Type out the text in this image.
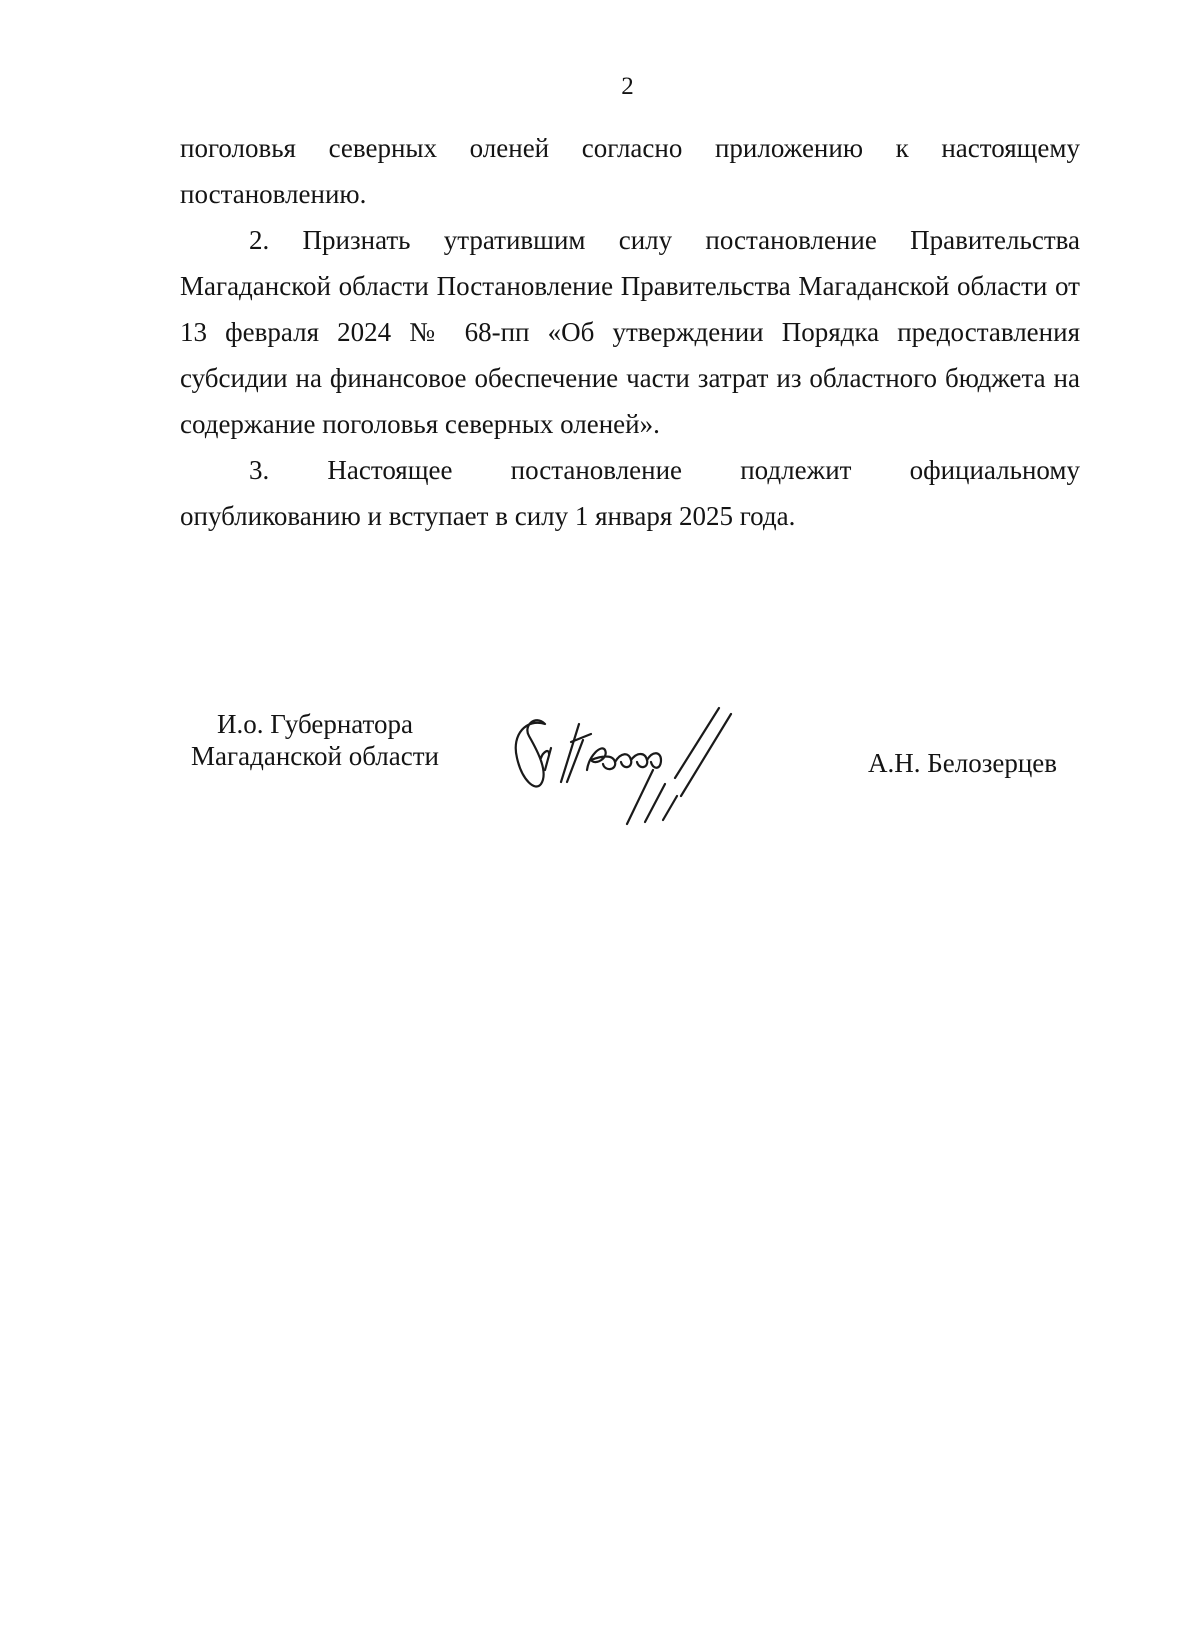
2

поголовья северных оленей согласно приложению к настоящему
постановлению.

2. Признать утратившим силу постановление Правительства Магаданской области Постановление Правительства Магаданской области от 13 февраля 2024 № 68-пп «Об утверждении Порядка предоставления субсидии на финансовое обеспечение части затрат из областного бюджета на содержание поголовья северных оленей».

3. Настоящее постановление подлежит официальному
опубликованию и вступает в силу 1 января 2025 года.

И.о. Губернатора
Магаданской области	А.Н. Белозерцев
